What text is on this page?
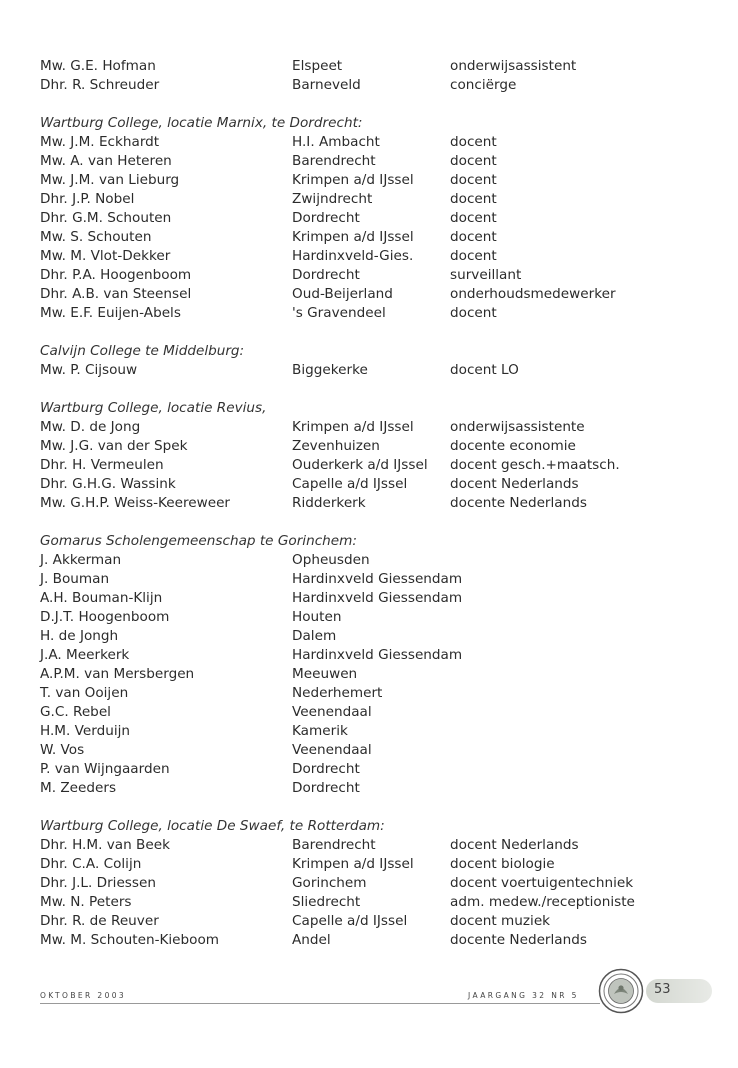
Mw. G.E. Hofman	Elspeet	onderwijsassistent
Dhr. R. Schreuder	Barneveld	conciërge
Wartburg College, locatie Marnix, te Dordrecht:
Mw. J.M. Eckhardt	H.I. Ambacht	docent
Mw. A. van Heteren	Barendrecht	docent
Mw. J.M. van Lieburg	Krimpen a/d IJssel	docent
Dhr. J.P. Nobel	Zwijndrecht	docent
Dhr. G.M. Schouten	Dordrecht	docent
Mw. S. Schouten	Krimpen a/d IJssel	docent
Mw. M. Vlot-Dekker	Hardinxveld-Gies.	docent
Dhr. P.A. Hoogenboom	Dordrecht	surveillant
Dhr. A.B. van Steensel	Oud-Beijerland	onderhoudsmedewerker
Mw. E.F. Euijen-Abels	's Gravendeel	docent
Calvijn College te Middelburg:
Mw. P. Cijsouw	Biggekerke	docent LO
Wartburg College, locatie Revius,
Mw. D. de Jong	Krimpen a/d IJssel	onderwijsassistente
Mw. J.G. van der Spek	Zevenhuizen	docente economie
Dhr. H. Vermeulen	Ouderkerk a/d IJssel	docent gesch.+maatsch.
Dhr. G.H.G. Wassink	Capelle a/d IJssel	docent Nederlands
Mw. G.H.P. Weiss-Keereweer	Ridderkerk	docente Nederlands
Gomarus Scholengemeenschap te Gorinchem:
J. Akkerman	Opheusden
J. Bouman	Hardinxveld Giessendam
A.H. Bouman-Klijn	Hardinxveld Giessendam
D.J.T. Hoogenboom	Houten
H. de Jongh	Dalem
J.A. Meerkerk	Hardinxveld Giessendam
A.P.M. van Mersbergen	Meeuwen
T. van Ooijen	Nederhemert
G.C. Rebel	Veenendaal
H.M. Verduijn	Kamerik
W. Vos	Veenendaal
P. van Wijngaarden	Dordrecht
M. Zeeders	Dordrecht
Wartburg College, locatie De Swaef, te Rotterdam:
Dhr. H.M. van Beek	Barendrecht	docent Nederlands
Dhr. C.A. Colijn	Krimpen a/d IJssel	docent biologie
Dhr. J.L. Driessen	Gorinchem	docent voertuigentechniek
Mw. N. Peters	Sliedrecht	adm. medew./receptioniste
Dhr. R. de Reuver	Capelle a/d IJssel	docent muziek
Mw. M. Schouten-Kieboom	Andel	docente Nederlands
OKTOBER 2003	JAARGANG 32 NR 5	53
